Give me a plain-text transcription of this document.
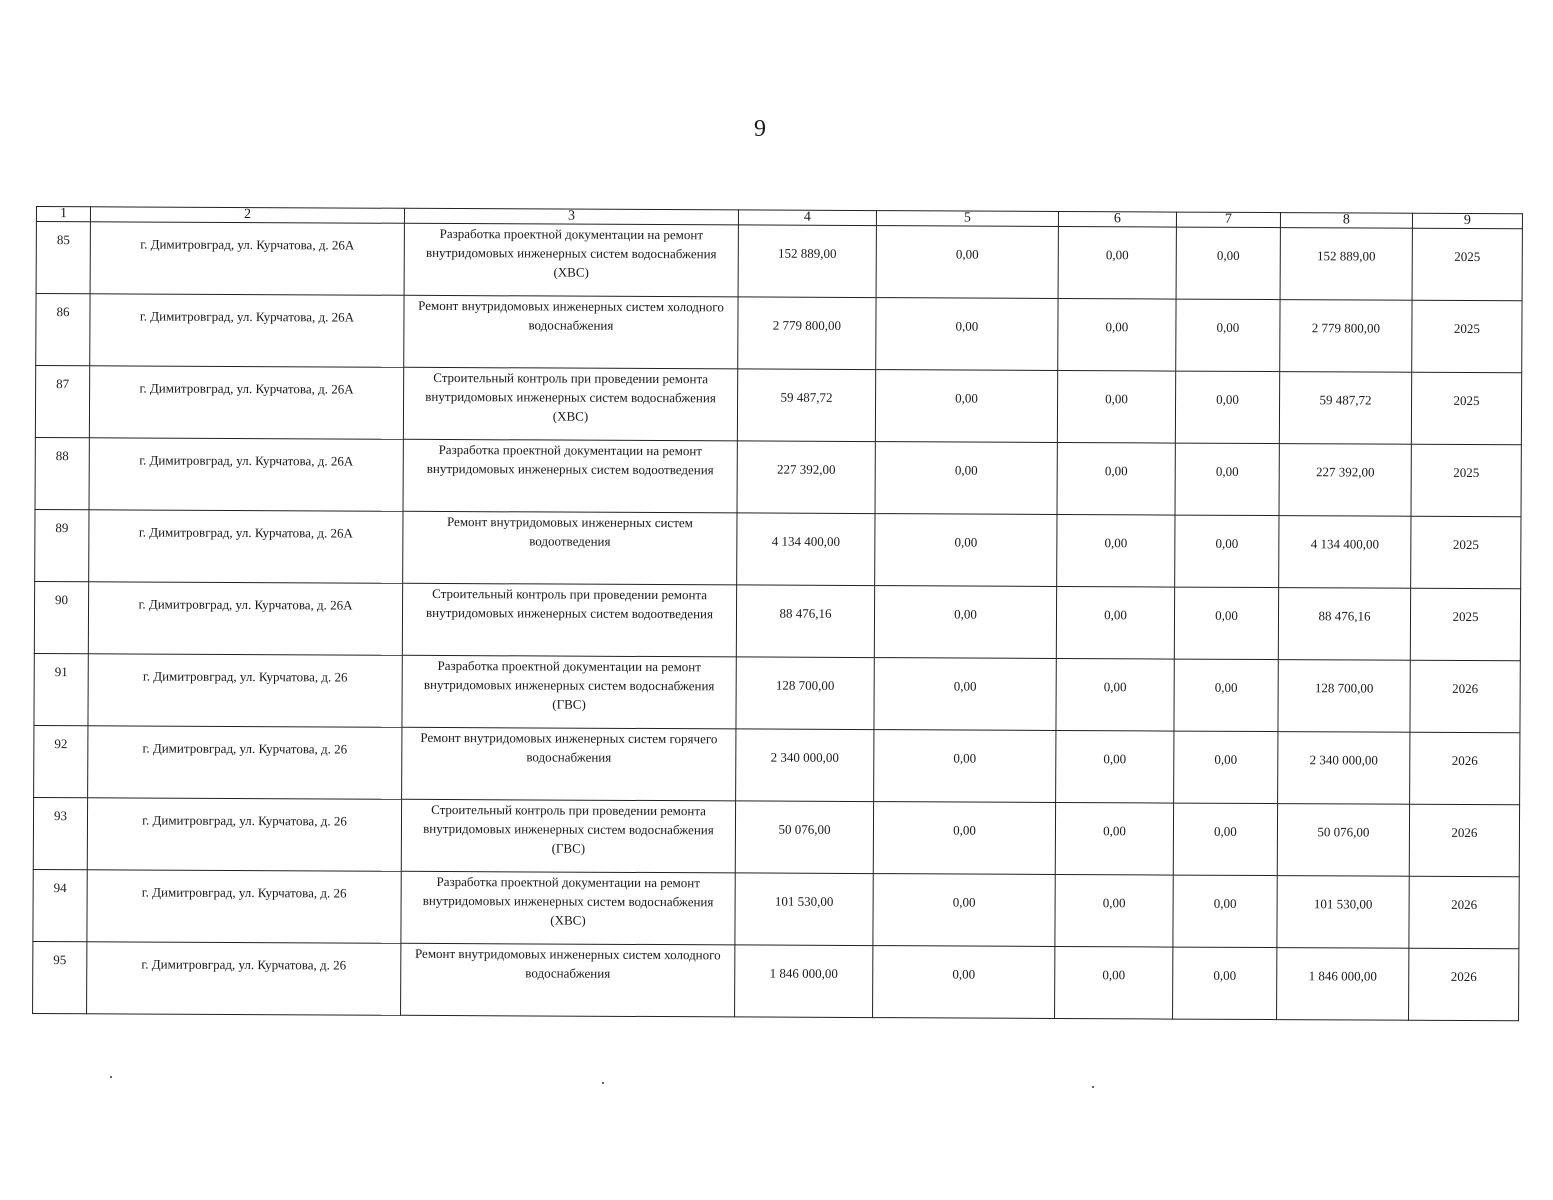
9
1	2	3	4	5	6	7	8	9
85	г. Димитровград, ул. Курчатова, д. 26А	Разработка проектной документации на ремонт внутридомовых инженерных систем водоснабжения (ХВС)	152 889,00	0,00	0,00	0,00	152 889,00	2025
86	г. Димитровград, ул. Курчатова, д. 26А	Ремонт внутридомовых инженерных систем холодного водоснабжения	2 779 800,00	0,00	0,00	0,00	2 779 800,00	2025
87	г. Димитровград, ул. Курчатова, д. 26А	Строительный контроль при проведении ремонта внутридомовых инженерных систем водоснабжения (ХВС)	59 487,72	0,00	0,00	0,00	59 487,72	2025
88	г. Димитровград, ул. Курчатова, д. 26А	Разработка проектной документации на ремонт внутридомовых инженерных систем водоотведения	227 392,00	0,00	0,00	0,00	227 392,00	2025
89	г. Димитровград, ул. Курчатова, д. 26А	Ремонт внутридомовых инженерных систем водоотведения	4 134 400,00	0,00	0,00	0,00	4 134 400,00	2025
90	г. Димитровград, ул. Курчатова, д. 26А	Строительный контроль при проведении ремонта внутридомовых инженерных систем водоотведения	88 476,16	0,00	0,00	0,00	88 476,16	2025
91	г. Димитровград, ул. Курчатова, д. 26	Разработка проектной документации на ремонт внутридомовых инженерных систем водоснабжения (ГВС)	128 700,00	0,00	0,00	0,00	128 700,00	2026
92	г. Димитровград, ул. Курчатова, д. 26	Ремонт внутридомовых инженерных систем горячего водоснабжения	2 340 000,00	0,00	0,00	0,00	2 340 000,00	2026
93	г. Димитровград, ул. Курчатова, д. 26	Строительный контроль при проведении ремонта внутридомовых инженерных систем водоснабжения (ГВС)	50 076,00	0,00	0,00	0,00	50 076,00	2026
94	г. Димитровград, ул. Курчатова, д. 26	Разработка проектной документации на ремонт внутридомовых инженерных систем водоснабжения (ХВС)	101 530,00	0,00	0,00	0,00	101 530,00	2026
95	г. Димитровград, ул. Курчатова, д. 26	Ремонт внутридомовых инженерных систем холодного водоснабжения	1 846 000,00	0,00	0,00	0,00	1 846 000,00	2026
